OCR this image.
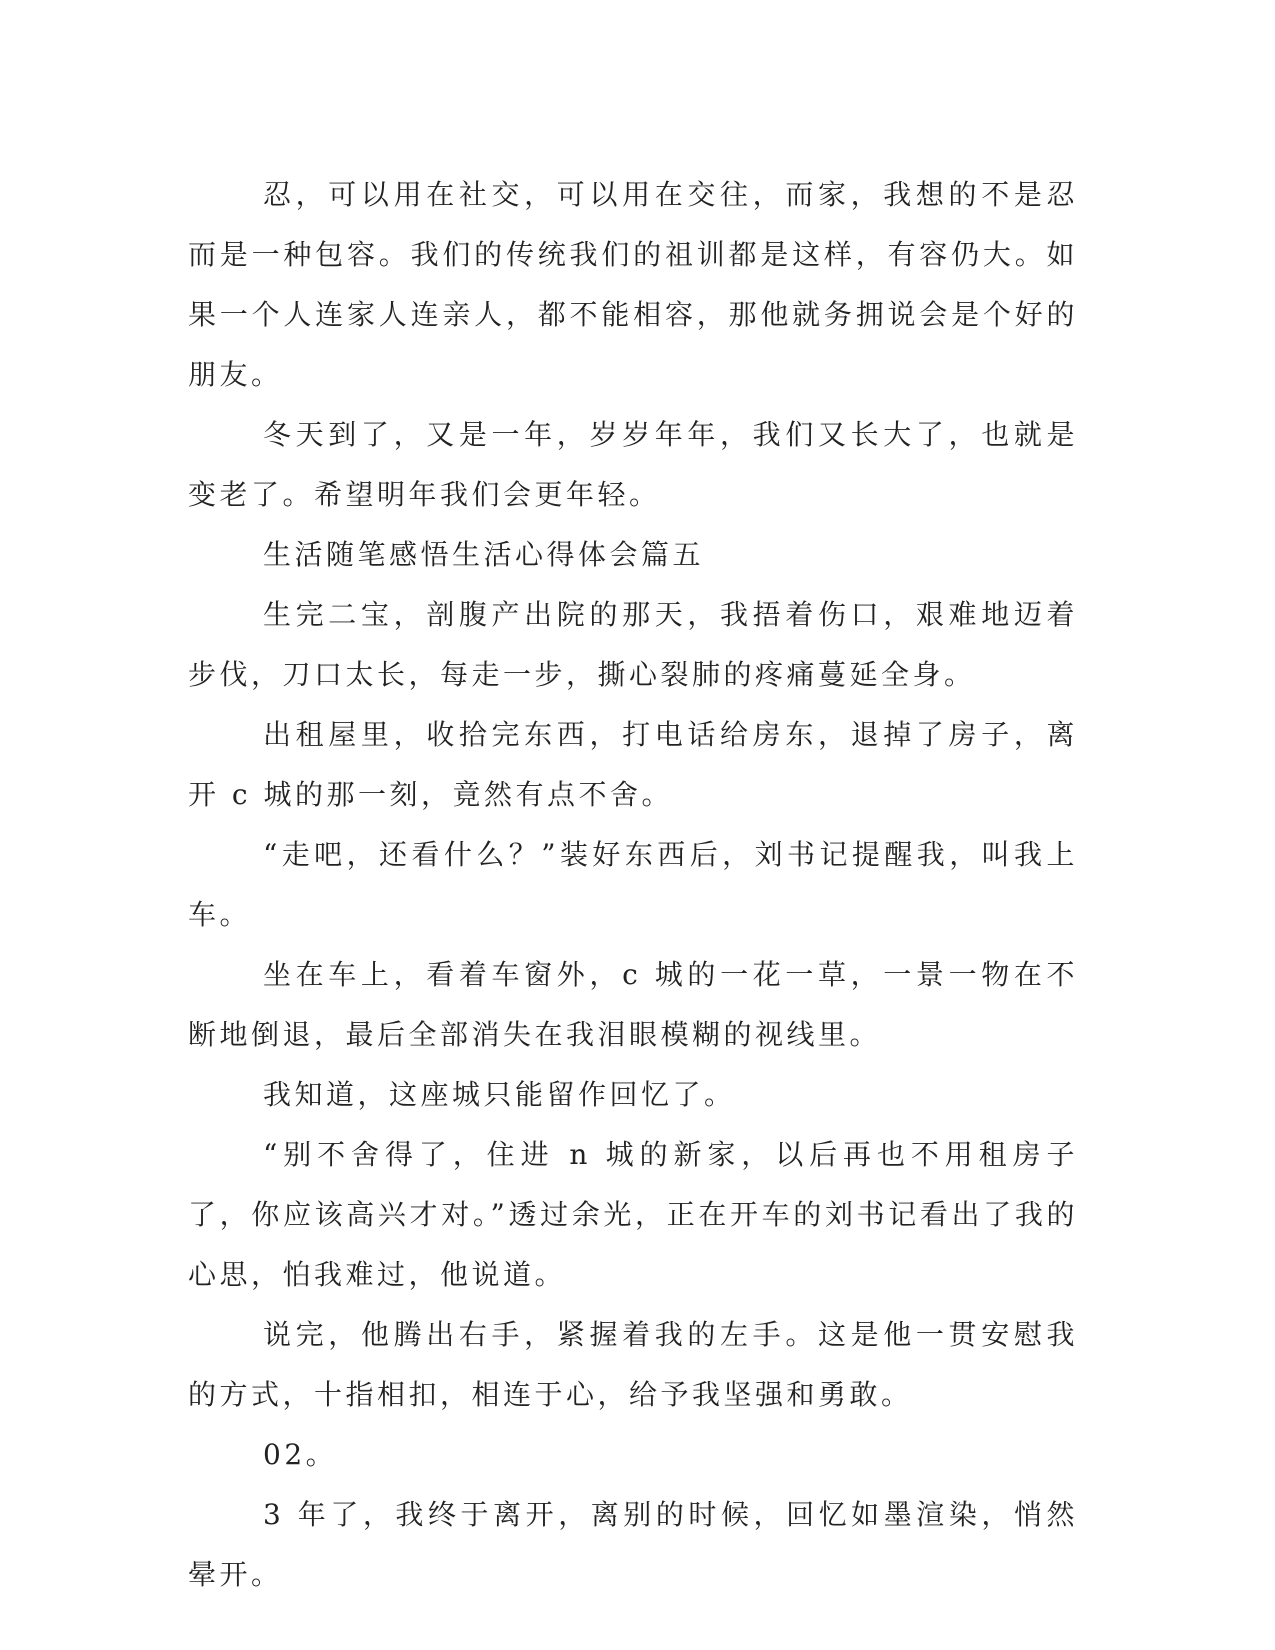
忍，可以用在社交，可以用在交往，而家，我想的不是忍而是一种包容。我们的传统我们的祖训都是这样，有容仍大。如果一个人连家人连亲人，都不能相容，那他就务拥说会是个好的朋友。

冬天到了，又是一年，岁岁年年，我们又长大了，也就是变老了。希望明年我们会更年轻。

生活随笔感悟生活心得体会篇五

生完二宝，剖腹产出院的那天，我捂着伤口，艰难地迈着步伐，刀口太长，每走一步，撕心裂肺的疼痛蔓延全身。

出租屋里，收拾完东西，打电话给房东，退掉了房子，离开 c 城的那一刻，竟然有点不舍。

“走吧，还看什么？”装好东西后，刘书记提醒我，叫我上车。

坐在车上，看着车窗外，c 城的一花一草，一景一物在不断地倒退，最后全部消失在我泪眼模糊的视线里。

我知道，这座城只能留作回忆了。

“别不舍得了，住进 n 城的新家，以后再也不用租房子了，你应该高兴才对。”透过余光，正在开车的刘书记看出了我的心思，怕我难过，他说道。

说完，他腾出右手，紧握着我的左手。这是他一贯安慰我的方式，十指相扣，相连于心，给予我坚强和勇敢。

02。

3 年了，我终于离开，离别的时候，回忆如墨渲染，悄然晕开。
